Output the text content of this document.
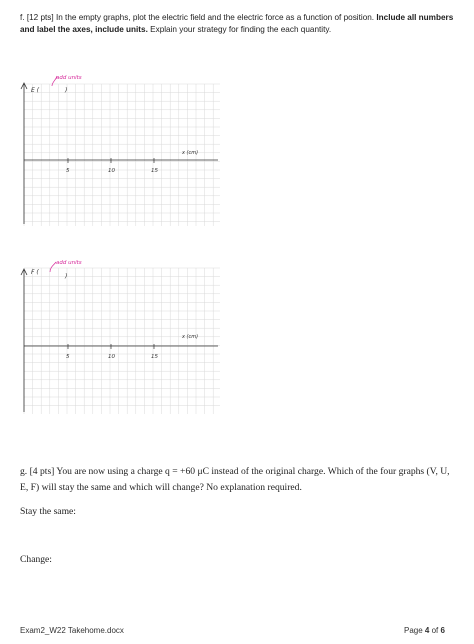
f. [12 pts] In the empty graphs, plot the electric field and the electric force as a function of position. Include all numbers and label the axes, include units. Explain your strategy for finding the each quantity.
E (	)
add units
x (cm)
5	10	15
F (
)
add units
x (cm)
5	10	15
g. [4 pts] You are now using a charge q = +60 μC instead of the original charge. Which of the four graphs (V, U, E, F) will stay the same and which will change? No explanation required.
Stay the same:
Change:
Exam2_W22 Takehome.docx	Page 4 of 6
